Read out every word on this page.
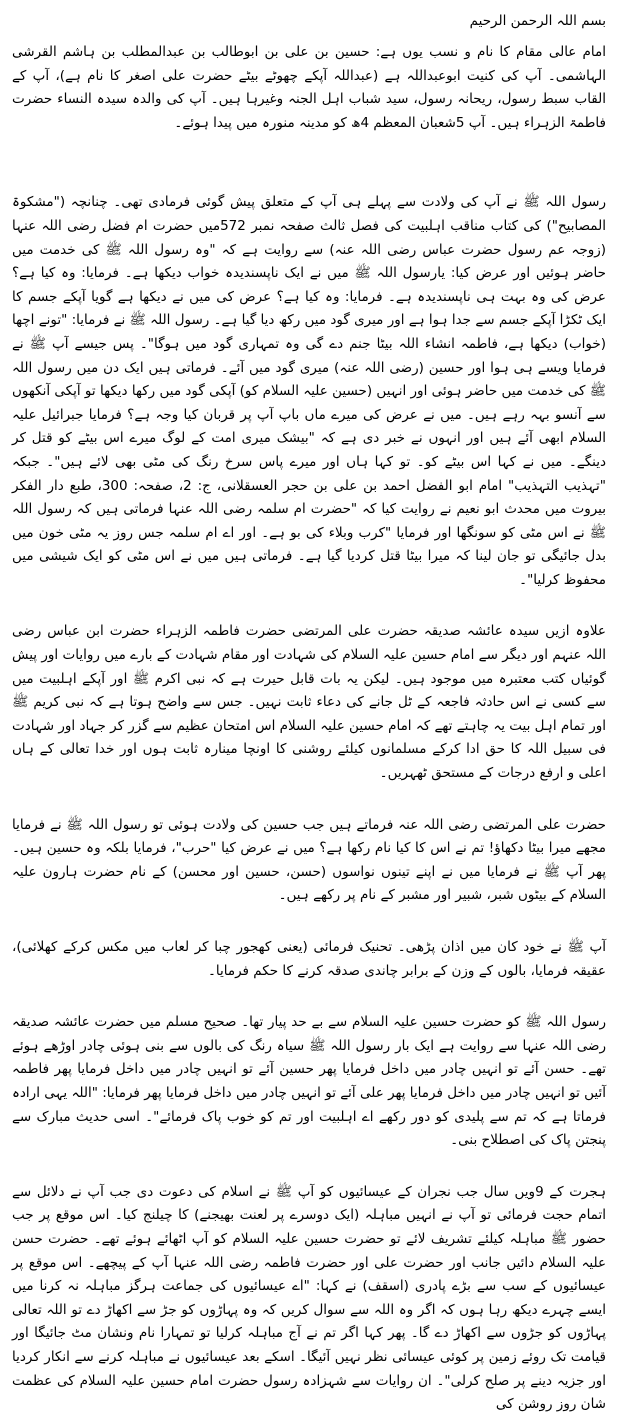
بسم اللہ الرحمن الرحیم

امام عالی مقام کا نام و نسب یوں ہے: حسین بن علی بن ابوطالب بن عبدالمطلب بن ہاشم القرشی الہاشمی۔ آپ کی کنیت ابوعبداللہ ہے (عبداللہ آپکے چھوٹے بیٹے حضرت علی اصغر کا نام ہے)، آپ کے القاب سبط رسول، ریحانہ رسول، سید شباب اہل الجنہ وغیرہا ہیں۔ آپ کی والدہ سیدہ النساء حضرت فاطمۃ الزہراء ہیں۔ آپ 5شعبان المعظم 4ھ کو مدینہ منورہ میں پیدا ہوئے۔

رسول اللہ ﷺ نے آپ کی ولادت سے پہلے ہی آپ کے متعلق پیش گوئی فرمادی تھی۔ چنانچہ ("مشکوۃ المصابیح") کی کتاب مناقب اہلبیت کی فصل ثالث صفحہ نمبر 572میں حضرت ام فضل رضی اللہ عنہا (زوجہ عم رسول حضرت عباس رضی اللہ عنہ) سے روایت ہے کہ "وہ رسول اللہ ﷺ کی خدمت میں حاضر ہوئیں اور عرض کیا: یارسول اللہ ﷺ میں نے ایک ناپسندیدہ خواب دیکھا ہے۔ فرمایا: وہ کیا ہے؟ عرض کی وہ بہت ہی ناپسندیدہ ہے۔ فرمایا: وہ کیا ہے؟ عرض کی میں نے دیکھا ہے گویا آپکے جسم کا ایک ٹکڑا آپکے جسم سے جدا ہوا ہے اور میری گود میں رکھ دیا گیا ہے۔ رسول اللہ ﷺ نے فرمایا: "تونے اچھا (خواب) دیکھا ہے، فاطمہ انشاء اللہ بیٹا جنم دے گی وہ تمہاری گود میں ہوگا"۔ پس جیسے آپ ﷺ نے فرمایا ویسے ہی ہوا اور حسین (رضی اللہ عنہ) میری گود میں آئے۔ فرماتی ہیں ایک دن میں رسول اللہ ﷺ کی خدمت میں حاضر ہوئی اور انہیں (حسین علیہ السلام کو) آپکی گود میں رکھا دیکھا تو آپکی آنکھوں سے آنسو بہہ رہے ہیں۔ میں نے عرض کی میرے ماں باپ آپ پر قربان کیا وجہ ہے؟ فرمایا جبرائیل علیہ السلام ابھی آئے ہیں اور انہوں نے خبر دی ہے کہ "بیشک میری امت کے لوگ میرے اس بیٹے کو قتل کر دینگے۔ میں نے کہا اس بیٹے کو۔ تو کہا ہاں اور میرے پاس سرخ رنگ کی مٹی بھی لائے ہیں"۔ جبکہ "تہذیب التہذیب" امام ابو الفضل احمد بن علی بن حجر العسقلانی، ج: 2، صفحہ: 300، طبع دار الفکر بیروت میں محدث ابو نعیم نے روایت کیا کہ "حضرت ام سلمہ رضی اللہ عنہا فرماتی ہیں کہ رسول اللہ ﷺ نے اس مٹی کو سونگھا اور فرمایا "کرب وبلاء کی بو ہے۔ اور اے ام سلمہ جس روز یہ مٹی خون میں بدل جائیگی تو جان لینا کہ میرا بیٹا قتل کردیا گیا ہے۔ فرماتی ہیں میں نے اس مٹی کو ایک شیشی میں محفوظ کرلیا"۔

علاوہ ازیں سیدہ عائشہ صدیقہ حضرت علی المرتضی حضرت فاطمہ الزہراء حضرت ابن عباس رضی اللہ عنہم اور دیگر سے امام حسین علیہ السلام کی شہادت اور مقام شہادت کے بارے میں روایات اور پیش گوئیاں کتب معتبرہ میں موجود ہیں۔ لیکن یہ بات قابل حیرت ہے کہ نبی اکرم ﷺ اور آپکے اہلبیت میں سے کسی نے اس حادثہ فاجعہ کے ٹل جانے کی دعاء ثابت نہیں۔ جس سے واضح ہوتا ہے کہ نبی کریم ﷺ اور تمام اہل بیت یہ چاہتے تھے کہ امام حسین علیہ السلام اس امتحان عظیم سے گزر کر جہاد اور شہادت فی سبیل اللہ کا حق ادا کرکے مسلمانوں کیلئے روشنی کا اونچا مینارہ ثابت ہوں اور خدا تعالی کے ہاں اعلی و ارفع درجات کے مستحق ٹھہریں۔

حضرت علی المرتضی رضی اللہ عنہ فرماتے ہیں جب حسین کی ولادت ہوئی تو رسول اللہ ﷺ نے فرمایا مجھے میرا بیٹا دکھاؤ! تم نے اس کا کیا نام رکھا ہے؟ میں نے عرض کیا "حرب"، فرمایا بلکہ وہ حسین ہیں۔ پھر آپ ﷺ نے فرمایا میں نے اپنے تینوں نواسوں (حسن، حسین اور محسن) کے نام حضرت ہارون علیہ السلام کے بیٹوں شبر، شبیر اور مشبر کے نام پر رکھے ہیں۔

آپ ﷺ نے خود کان میں اذان پڑھی۔ تحنیک فرمائی (یعنی کھجور چبا کر لعاب میں مکس کرکے کھلائی)، عقیقہ فرمایا، بالوں کے وزن کے برابر چاندی صدقہ کرنے کا حکم فرمایا۔

رسول اللہ ﷺ کو حضرت حسین علیہ السلام سے بے حد پیار تھا۔ صحیح مسلم میں حضرت عائشہ صدیقہ رضی اللہ عنہا سے روایت ہے ایک بار رسول اللہ ﷺ سیاہ رنگ کی بالوں سے بنی ہوئی چادر اوڑھے ہوئے تھے۔ حسن آئے تو انہیں چادر میں داخل فرمایا پھر حسین آئے تو انہیں چادر میں داخل فرمایا پھر فاطمہ آئیں تو انہیں چادر میں داخل فرمایا پھر علی آئے تو انہیں چادر میں داخل فرمایا پھر فرمایا: "اللہ یہی ارادہ فرماتا ہے کہ تم سے پلیدی کو دور رکھے اے اہلبیت اور تم کو خوب پاک فرمائے"۔ اسی حدیث مبارک سے پنجتن پاک کی اصطلاح بنی۔

ہجرت کے 9ویں سال جب نجران کے عیسائیوں کو آپ ﷺ نے اسلام کی دعوت دی جب آپ نے دلائل سے اتمام حجت فرمائی تو آپ نے انہیں مباہلہ (ایک دوسرے پر لعنت بھیجنے) کا چیلنج کیا۔ اس موقع پر جب حضور ﷺ مباہلہ کیلئے تشریف لائے تو حضرت حسین علیہ السلام کو آپ اٹھائے ہوئے تھے۔ حضرت حسن علیہ السلام دائیں جانب اور حضرت علی اور حضرت فاطمہ رضی اللہ عنہا آپ کے پیچھے۔ اس موقع پر عیسائیوں کے سب سے بڑے پادری (اسقف) نے کہا: "اے عیسائیوں کی جماعت ہرگز مباہلہ نہ کرنا میں ایسے چہرے دیکھ رہا ہوں کہ اگر وہ اللہ سے سوال کریں کہ وہ پہاڑوں کو جڑ سے اکھاڑ دے تو اللہ تعالی پہاڑوں کو جڑوں سے اکھاڑ دے گا۔ پھر کہا اگر تم نے آج مباہلہ کرلیا تو تمہارا نام ونشان مٹ جائیگا اور قیامت تک روئے زمین پر کوئی عیسائی نظر نہیں آئیگا۔ اسکے بعد عیسائیوں نے مباہلہ کرنے سے انکار کردیا اور جزیہ دینے پر صلح کرلی"۔ ان روایات سے شہزادہ رسول حضرت امام حسین علیہ السلام کی عظمت شان روز روشن کی
